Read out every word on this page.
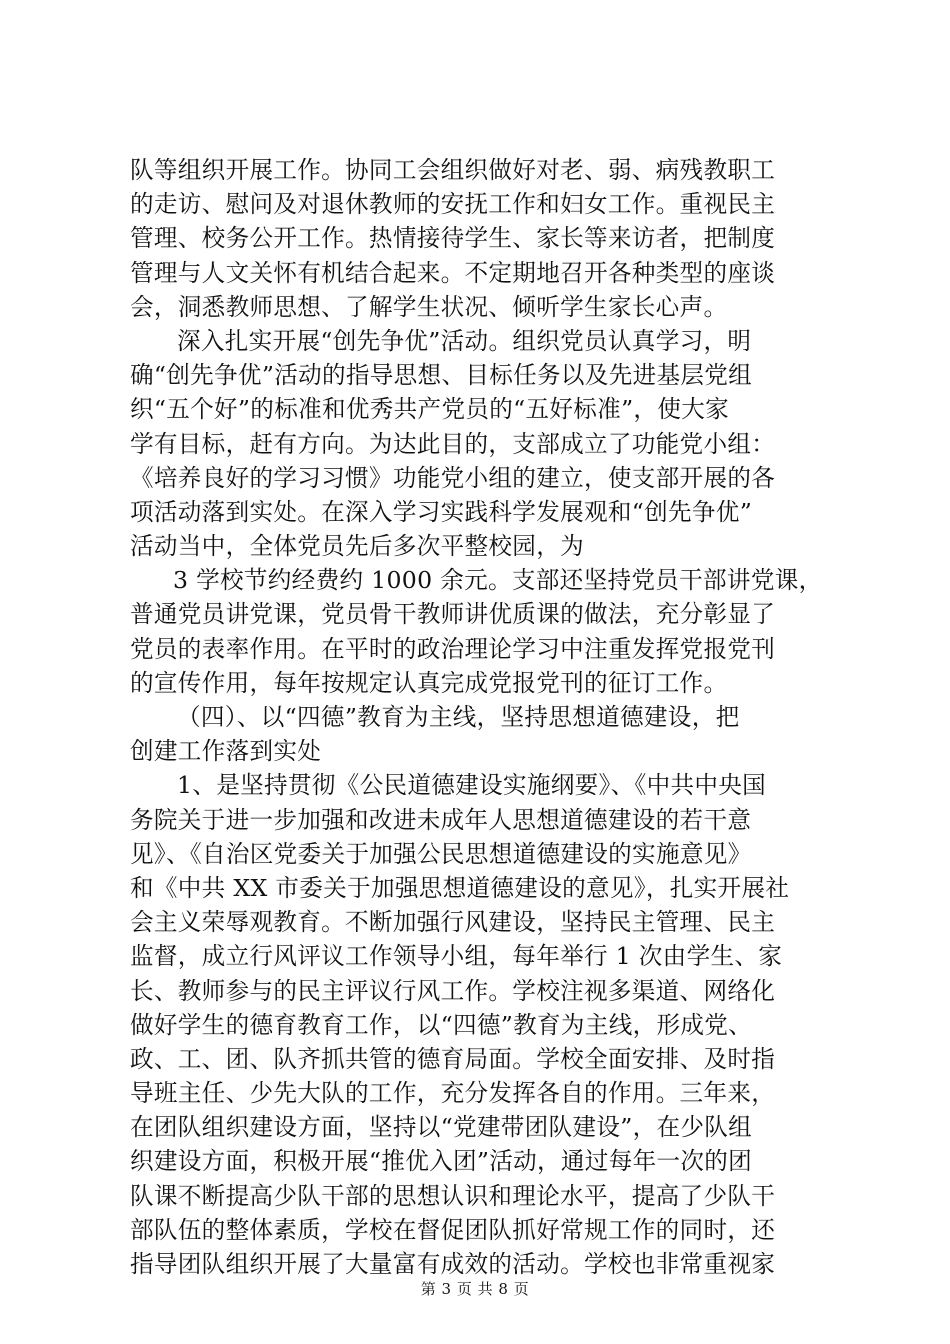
队等组织开展工作。协同工会组织做好对老、弱、病残教职工
的走访、慰问及对退休教师的安抚工作和妇女工作。重视民主
管理、校务公开工作。热情接待学生、家长等来访者，把制度
管理与人文关怀有机结合起来。不定期地召开各种类型的座谈
会，洞悉教师思想、了解学生状况、倾听学生家长心声。
深入扎实开展“创先争优”活动。组织党员认真学习，明
确“创先争优”活动的指导思想、目标任务以及先进基层党组
织“五个好”的标准和优秀共产党员的“五好标准”，使大家
学有目标，赶有方向。为达此目的，支部成立了功能党小组：
《培养良好的学习习惯》功能党小组的建立，使支部开展的各
项活动落到实处。在深入学习实践科学发展观和“创先争优”
活动当中，全体党员先后多次平整校园，为
3 学校节约经费约 1000 余元。支部还坚持党员干部讲党课，
普通党员讲党课，党员骨干教师讲优质课的做法，充分彰显了
党员的表率作用。在平时的政治理论学习中注重发挥党报党刊
的宣传作用，每年按规定认真完成党报党刊的征订工作。
（四）、以“四德”教育为主线，坚持思想道德建设，把
创建工作落到实处
1、是坚持贯彻《公民道德建设实施纲要》、《中共中央国
务院关于进一步加强和改进未成年人思想道德建设的若干意
见》、《自治区党委关于加强公民思想道德建设的实施意见》
和《中共 XX 市委关于加强思想道德建设的意见》，扎实开展社
会主义荣辱观教育。不断加强行风建设，坚持民主管理、民主
监督，成立行风评议工作领导小组，每年举行 1 次由学生、家
长、教师参与的民主评议行风工作。学校注视多渠道、网络化
做好学生的德育教育工作，以“四德”教育为主线，形成党、
政、工、团、队齐抓共管的德育局面。学校全面安排、及时指
导班主任、少先大队的工作，充分发挥各自的作用。三年来，
在团队组织建设方面，坚持以“党建带团队建设”，在少队组
织建设方面，积极开展“推优入团”活动，通过每年一次的团
队课不断提高少队干部的思想认识和理论水平，提高了少队干
部队伍的整体素质，学校在督促团队抓好常规工作的同时，还
指导团队组织开展了大量富有成效的活动。学校也非常重视家
第 3 页 共 8 页
